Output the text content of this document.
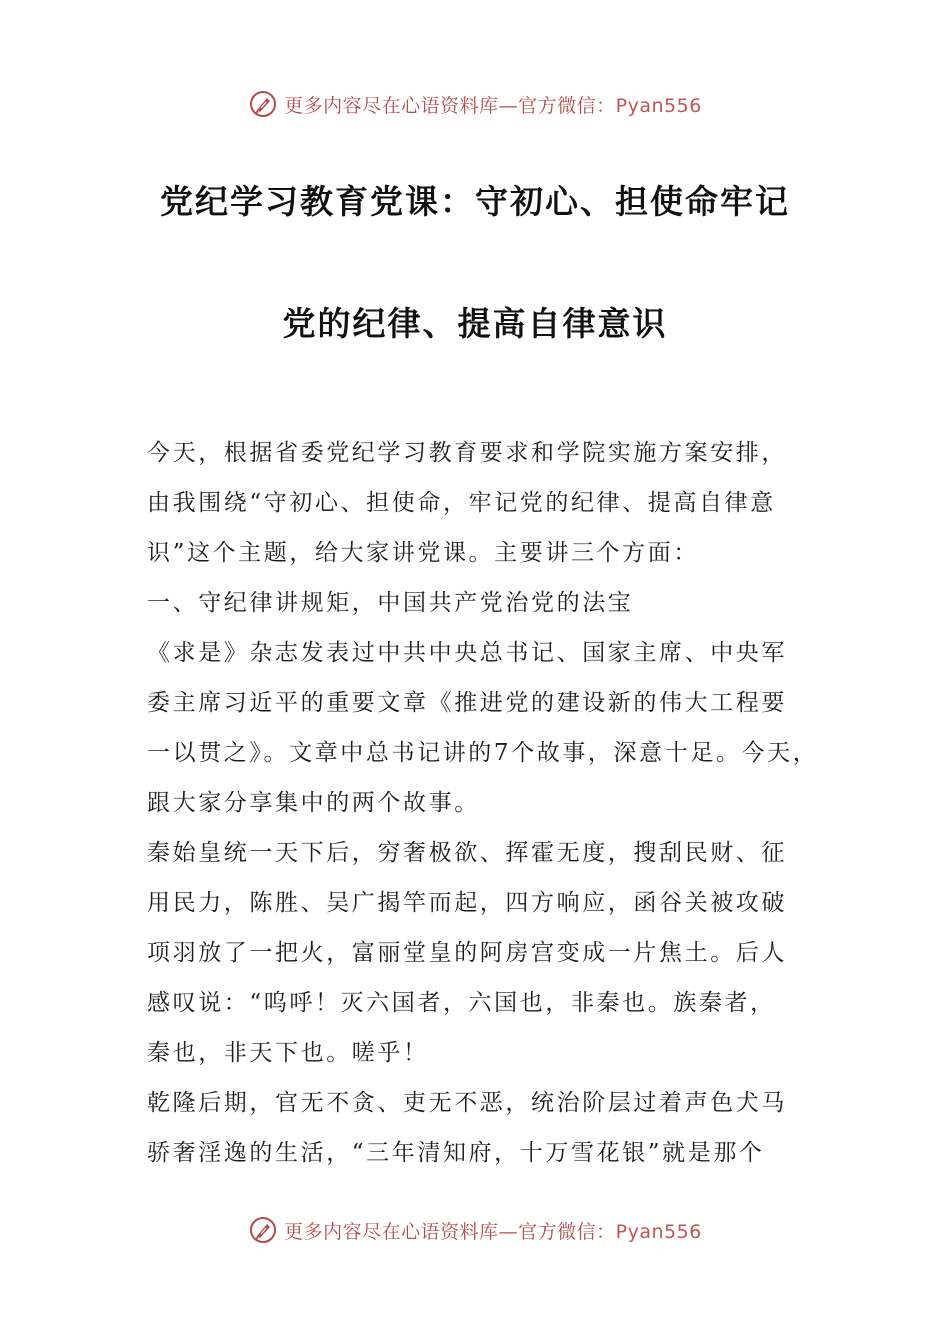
更多内容尽在心语资料库—官方微信：Pyan556
党纪学习教育党课：守初心、担使命牢记
党的纪律、提高自律意识
今天，根据省委党纪学习教育要求和学院实施方案安排，
由我围绕“守初心、担使命，牢记党的纪律、提高自律意
识”这个主题，给大家讲党课。主要讲三个方面：
一、守纪律讲规矩，中国共产党治党的法宝
《求是》杂志发表过中共中央总书记、国家主席、中央军
委主席习近平的重要文章《推进党的建设新的伟大工程要
一以贯之》。文章中总书记讲的7个故事，深意十足。今天，
跟大家分享集中的两个故事。
秦始皇统一天下后，穷奢极欲、挥霍无度，搜刮民财、征
用民力，陈胜、吴广揭竿而起，四方响应，函谷关被攻破
项羽放了一把火，富丽堂皇的阿房宫变成一片焦土。后人
感叹说：“呜呼！灭六国者，六国也，非秦也。族秦者，
秦也，非天下也。嗟乎！
乾隆后期，官无不贪、吏无不恶，统治阶层过着声色犬马
骄奢淫逸的生活，“三年清知府，十万雪花银”就是那个
更多内容尽在心语资料库—官方微信：Pyan556
